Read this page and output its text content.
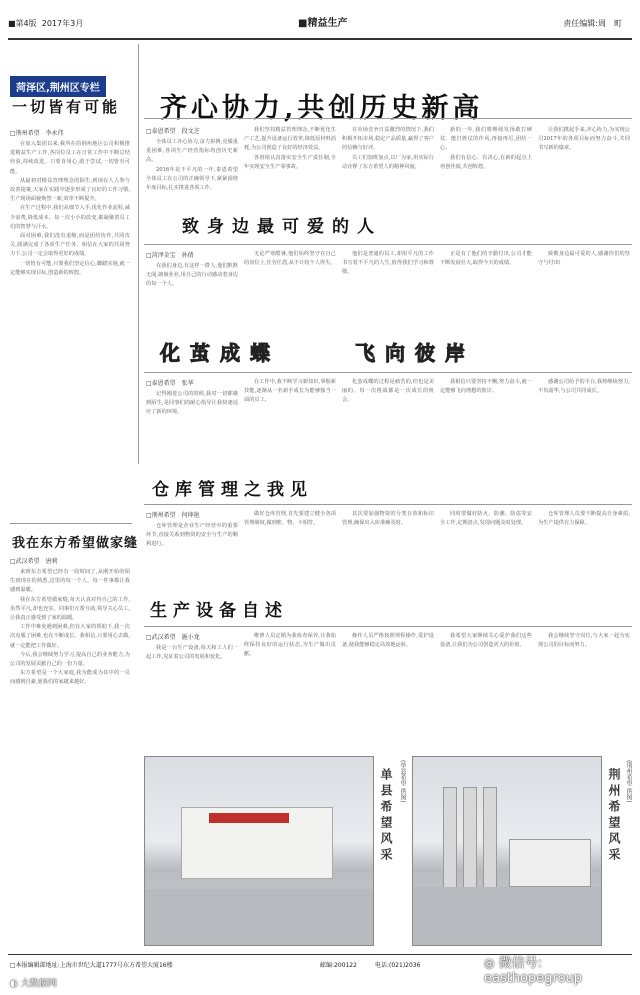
■第4版 2017年3月	■精益生产	责任编辑:周　町
菏泽区,荆州区专栏
一切皆有可能
□荆州希望　李永伟

在加入集团以来,我所在的荆州地区公司积极推进精益生产工作,各岗位员工在日常工作中不断总结经验,持续改进。只要肯用心,敢于尝试,一切皆有可能。

从最初对精益管理理念的陌生,到现在人人参与改善提案,大家在实践中逐步形成了良好的工作习惯,生产现场面貌焕然一新,效率不断提升。

在生产过程中,我们从细节入手,优化作业流程,减少浪费,降低成本。每一次小小的改变,都凝聚着员工们的智慧与汗水。

面对困难,我们没有退缩,而是团结协作,共同攻关,圆满完成了各项生产任务。相信在大家的共同努力下,公司一定会取得更好的成绩。

一切皆有可能,只要我们坚定信心,脚踏实地,就一定能够实现目标,创造新的辉煌。

我在东方希望做家缝
□武汉希望　唐莉

来到东方希望已经有一段时间了,从刚开始的陌生到现在的熟悉,这里的每一个人、每一件事都让我感到温暖。

我在东方希望做家缝,每天认真对待自己的工作,虽然平凡,却也充实。同事们互帮互助,领导关心员工,让我真正感受到了家的温暖。

工作中难免遇到困难,但在大家的帮助下,我一次次克服了困难,也在不断成长。我相信,只要用心去做,就一定能把工作做好。

今后,我会继续努力学习,提高自己的业务能力,为公司的发展贡献自己的一份力量。

东方希望是一个大家庭,我为能成为其中的一员而感到自豪,愿我们的家越来越好。

齐心协力,共创历史新高
□泰恩希望　段文芝

全体员工齐心协力,奋力拼搏,克服重重困难,各项生产经营指标均创历史新高。

2016年是不平凡的一年,泰恩希望全体员工在公司的正确领导下,紧紧围绕年度目标,扎实推进各项工作。

我们坚持精益管理理念,不断优化生产工艺,提升设备运行效率,降低原材料消耗,为公司创造了良好的经济效益。

各班组认真落实安全生产责任制,全年实现安全生产零事故。

在市场竞争日益激烈的情况下,我们积极开拓市场,稳定产品质量,赢得了客户的信赖与好评。

员工们加班加点,以厂为家,用实际行动诠释了东方希望人的精神风貌。

新的一年,我们将继续发扬敢打硬仗、能打胜仗的作风,再接再厉,团结一心。

我们有信心、有决心,在新的起点上再创佳绩,共创辉煌。

让我们携起手来,齐心协力,为实现公司2017年的各项目标而努力奋斗,共同书写新的篇章。

致身边最可爱的人
□菏泽金宝　孙倩

在我们身边,有这样一群人,他们默默无闻,兢兢业业,用自己的行动感动着身边的每一个人。

无论严寒酷暑,他们始终坚守在自己的岗位上,任劳任怨,从不计较个人得失。

他们是普通的员工,却用平凡的工作书写着不平凡的人生,值得我们学习和尊敬。

正是有了他们的辛勤付出,公司才能不断发展壮大,取得今天的成绩。

致敬身边最可爱的人,感谢你们的坚守与付出!

化茧成蝶	飞向彼岸
□泰恩希望　张华

记得刚进公司的时候,我对一切都感到陌生,是同事们的耐心指导让我快速适应了新的环境。

在工作中,我不断学习新知识,掌握新技能,逐渐从一名新手成长为能够独当一面的员工。

化茧成蝶的过程是痛苦的,但也是美丽的。每一次挑战都是一次成长的机会。

我相信只要坚持不懈,努力奋斗,就一定能够飞向理想的彼岸。

感谢公司给予的平台,我将继续努力,不负韶华,与公司共同成长。

仓库管理之我见
□荆州希望　何坤艳

仓库管理是企业生产经营中的重要环节,直接关系到物资的安全与生产的顺利进行。

做好仓库管理,首先要建立健全各项管理制度,做到账、物、卡相符。

其次要加强物资的分类存放和标识管理,确保出入库准确及时。

同时要做好防火、防潮、防盗等安全工作,定期盘点,发现问题及时处理。

仓库管理人员要不断提高自身素质,为生产提供有力保障。

生产设备自述
□武汉希望　施小龙

我是一台生产设备,每天和工人们一起工作,见证着公司的发展和变化。

维修人员定期为我检查保养,让我始终保持良好的运行状态,为生产做出贡献。

操作人员严格按照规程操作,爱护设备,使我能够稳定高效地运转。

我希望大家继续关心爱护我们这些设备,让我们为公司创造更大的价值。

我会继续坚守岗位,与大家一起为实现公司的目标而努力。

单县希望风采	(单县希望 供图)	荆州希望风采 (荆州希望 供图)
□本报编辑部地址:上海市世纪大道1777号东方希望大厦16楼	邮编:200122	电话:(021)2036	◎ 微信号: easthopegroup
◐ 大数据网
